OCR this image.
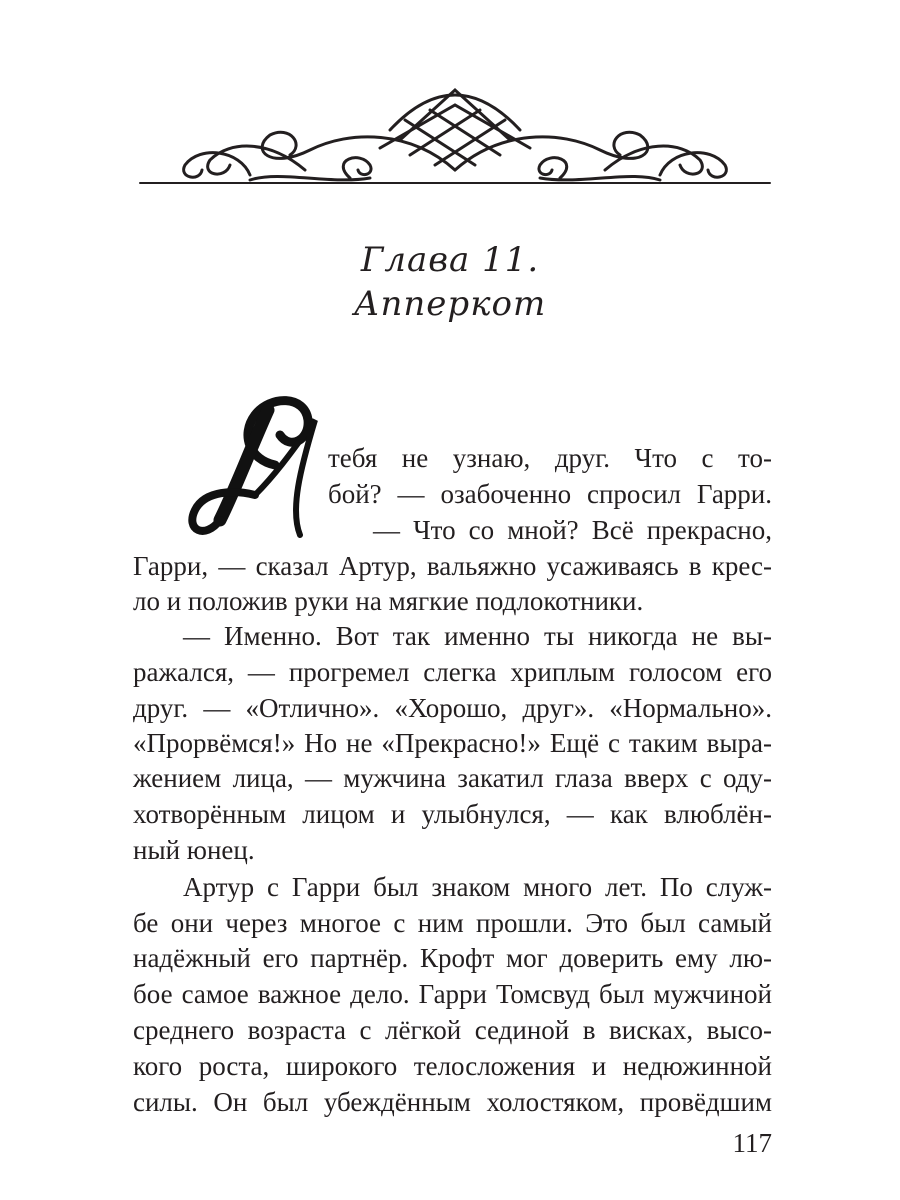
Глава 11.
Апперкот
тебя не узнаю, друг. Что с то-
бой? — озабоченно спросил Гарри.
— Что со мной? Всё прекрасно,
Гарри, — сказал Артур, вальяжно усаживаясь в крес-
ло и положив руки на мягкие подлокотники.
— Именно. Вот так именно ты никогда не вы-
ражался, — прогремел слегка хриплым голосом его
друг. — «Отлично». «Хорошо, друг». «Нормально».
«Прорвёмся!» Но не «Прекрасно!» Ещё с таким выра-
жением лица, — мужчина закатил глаза вверх с оду-
хотворённым лицом и улыбнулся, — как влюблён-
ный юнец.
Артур с Гарри был знаком много лет. По служ-
бе они через многое с ним прошли. Это был самый
надёжный его партнёр. Крофт мог доверить ему лю-
бое самое важное дело. Гарри Томсвуд был мужчиной
среднего возраста с лёгкой сединой в висках, высо-
кого роста, широкого телосложения и недюжинной
силы. Он был убеждённым холостяком, провёдшим
117
